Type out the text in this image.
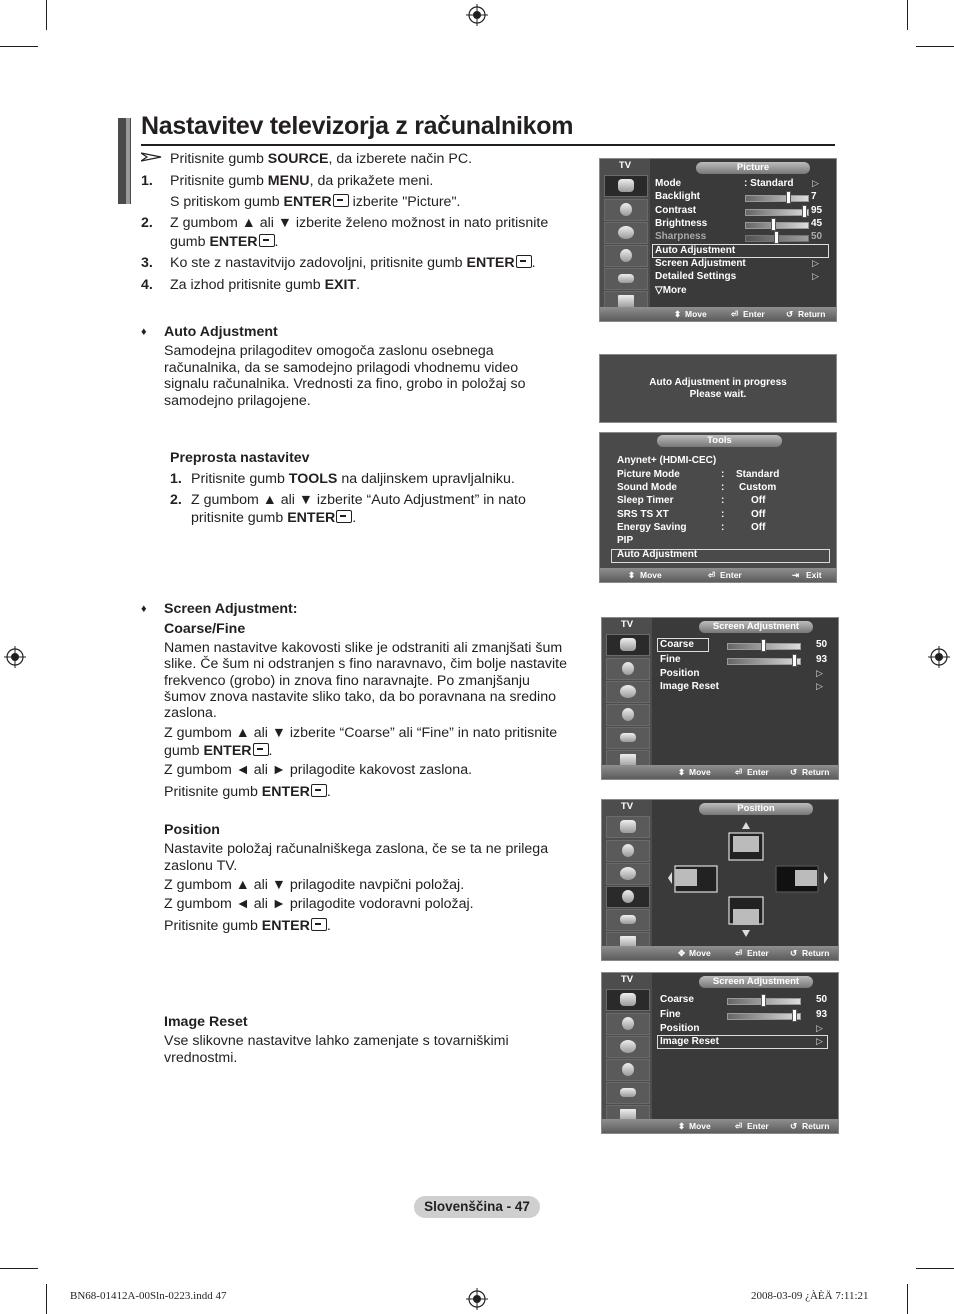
Nastavitev televizorja z računalnikom
Pritisnite gumb SOURCE, da izberete način PC.
1. Pritisnite gumb MENU, da prikažete meni.
S pritiskom gumb ENTER izberite "Picture".
2. Z gumbom ▲ ali ▼ izberite želeno možnost in nato pritisnite
gumb ENTER .
3. Ko ste z nastavitvijo zadovoljni, pritisnite gumb ENTER .
4. Za izhod pritisnite gumb EXIT.
♦ Auto Adjustment
Samodejna prilagoditev omogoča zaslonu osebnega
računalnika, da se samodejno prilagodi vhodnemu video
signalu računalnika. Vrednosti za fino, grobo in položaj so
samodejno prilagojene.
Preprosta nastavitev
1. Pritisnite gumb TOOLS na daljinskem upravljalniku.
2. Z gumbom ▲ ali ▼ izberite “Auto Adjustment” in nato
pritisnite gumb ENTER .
♦ Screen Adjustment:
Coarse/Fine
Namen nastavitve kakovosti slike je odstraniti ali zmanjšati šum
slike. Če šum ni odstranjen s fino naravnavo, čim bolje nastavite
frekvenco (grobo) in znova fino naravnajte. Po zmanjšanju
šumov znova nastavite sliko tako, da bo poravnana na sredino
zaslona.
Z gumbom ▲ ali ▼ izberite “Coarse” ali “Fine” in nato pritisnite
gumb ENTER .
Z gumbom ◄ ali ► prilagodite kakovost zaslona.
Pritisnite gumb ENTER .
Position
Nastavite položaj računalniškega zaslona, če se ta ne prilega
zaslonu TV.
Z gumbom ▲ ali ▼ prilagodite navpični položaj.
Z gumbom ◄ ali ► prilagodite vodoravni položaj.
Pritisnite gumb ENTER .
Image Reset
Vse slikovne nastavitve lahko zamenjate s tovarniškimi
vrednostmi.
TV	Picture
Mode	: Standard ▷
Backlight	7
Contrast	95
Brightness	45
Sharpness	50
Auto Adjustment
Screen Adjustment	▷
Detailed Settings	▷
▽More
⬍ Move	⏎ Enter	↺ Return
Auto Adjustment in progress
Please wait.
Tools
Anynet+ (HDMI-CEC)
Picture Mode	: Standard
Sound Mode	: Custom
Sleep Timer	:	Off
SRS TS XT	:	Off
Energy Saving	:	Off
PIP
Auto Adjustment
⬍ Move	⏎ Enter	⇥ Exit
TV	Screen Adjustment
Coarse	50
Fine	93
Position	▷
Image Reset	▷
⬍ Move	⏎ Enter	↺ Return
TV	Position
✥ Move	⏎ Enter	↺ Return
TV	Screen Adjustment
Coarse	50
Fine	93
Position	▷
Image Reset	▷
⬍ Move	⏎ Enter	↺ Return
Slovenščina - 47
BN68-01412A-00Sln-0223.indd 47	2008-03-09 ¿ÀÈÄ 7:11:21
